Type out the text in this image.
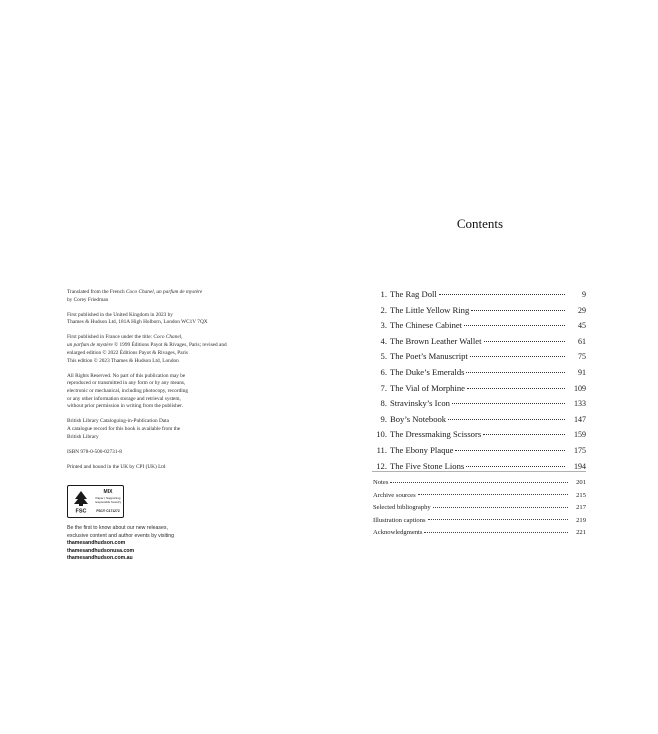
Translated from the French Coco Chanel, un parfum de mystère
by Corey Friedman

First published in the United Kingdom in 2023 by
Thames & Hudson Ltd, 181A High Holborn, London WC1V 7QX

First published in France under the title: Coco Chanel,
un parfum de mystère © 1999 Éditions Payot & Rivages, Paris; revised and
enlarged edition © 2022 Éditions Payot & Rivages, Paris
This edition © 2023 Thames & Hudson Ltd, London

All Rights Reserved. No part of this publication may be
reproduced or transmitted in any form or by any means,
electronic or mechanical, including photocopy, recording
or any other information storage and retrieval system,
without prior permission in writing from the publisher.

British Library Cataloguing-in-Publication Data
A catalogue record for this book is available from the
British Library

ISBN 978-0-500-02731-8

Printed and bound in the UK by CPI (UK) Ltd

FSC
MIX
Paper | Supporting
responsible forestry
FSC® C171272
Be the first to know about our new releases,
exclusive content and author events by visiting
thamesandhudson.com
thamesandhudsonusa.com
thamesandhudson.com.au
Contents
1. The Rag Doll	9
2. The Little Yellow Ring	29
3. The Chinese Cabinet	45
4. The Brown Leather Wallet	61
5. The Poet’s Manuscript	75
6. The Duke’s Emeralds	91
7. The Vial of Morphine	109
8. Stravinsky’s Icon	133
9. Boy’s Notebook	147
10. The Dressmaking Scissors	159
11. The Ebony Plaque	175
12. The Five Stone Lions	194
Notes	201
Archive sources	215
Selected bibliography	217
Illustration captions	219
Acknowledgments	221
